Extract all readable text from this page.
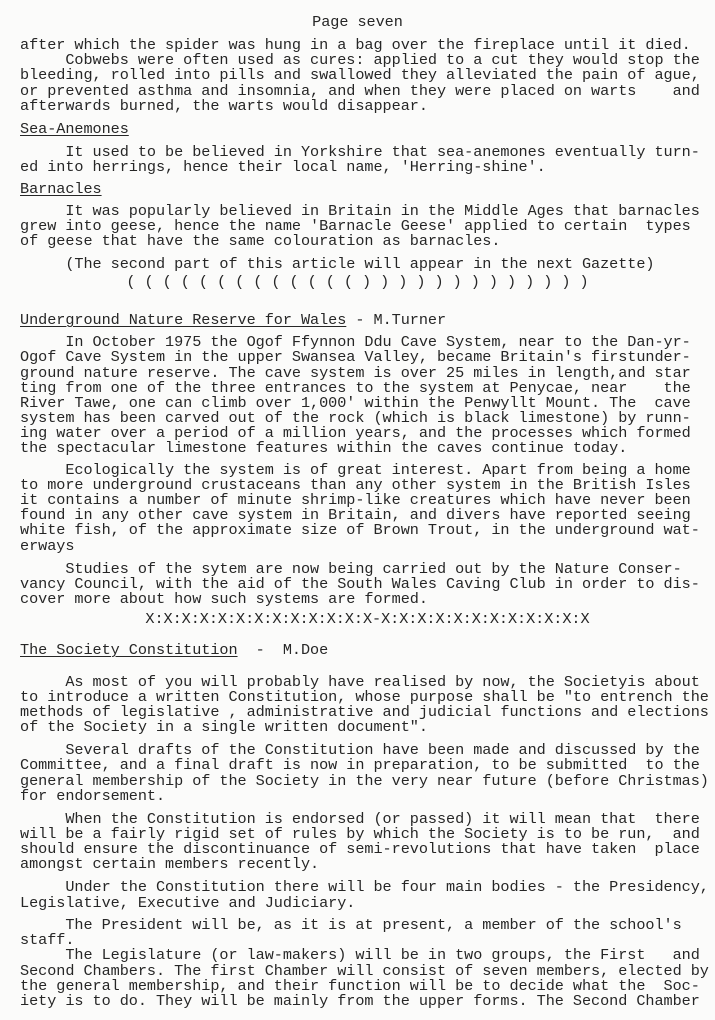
Page seven
after which the spider was hung in a bag over the fireplace until it died.
Cobwebs were often used as cures: applied to a cut they would stop the
bleeding, rolled into pills and swallowed they alleviated the pain of ague,
or prevented asthma and insomnia, and when they were placed on warts    and
afterwards burned, the warts would disappear.
Sea-Anemones
It used to be believed in Yorkshire that sea-anemones eventually turn-
ed into herrings, hence their local name, 'Herring-shine'.
Barnacles
It was popularly believed in Britain in the Middle Ages that barnacles
grew into geese, hence the name 'Barnacle Geese' applied to certain  types
of geese that have the same colouration as barnacles.
(The second part of this article will appear in the next Gazette)
( ( ( ( ( ( ( ( ( ( ( ( ( ) ) ) ) ) ) ) ) ) ) ) ) )
Underground Nature Reserve for Wales - M.Turner
In October 1975 the Ogof Ffynnon Ddu Cave System, near to the Dan-yr-
Ogof Cave System in the upper Swansea Valley, became Britain's firstunder-
ground nature reserve. The cave system is over 25 miles in length,and star
ting from one of the three entrances to the system at Penycae, near    the
River Tawe, one can climb over 1,000' within the Penwyllt Mount. The  cave
system has been carved out of the rock (which is black limestone) by runn-
ing water over a period of a million years, and the processes which formed
the spectacular limestone features within the caves continue today.
Ecologically the system is of great interest. Apart from being a home
to more underground crustaceans than any other system in the British Isles
it contains a number of minute shrimp-like creatures which have never been
found in any other cave system in Britain, and divers have reported seeing
white fish, of the approximate size of Brown Trout, in the underground wat-
erways
Studies of the sytem are now being carried out by the Nature Conser-
vancy Council, with the aid of the South Wales Caving Club in order to dis-
cover more about how such systems are formed.
X:X:X:X:X:X:X:X:X:X:X:X:X-X:X:X:X:X:X:X:X:X:X:X:X
The Society Constitution  -  M.Doe
As most of you will probably have realised by now, the Societyis about
to introduce a written Constitution, whose purpose shall be "to entrench the
methods of legislative , administrative and judicial functions and elections
of the Society in a single written document".
Several drafts of the Constitution have been made and discussed by the
Committee, and a final draft is now in preparation, to be submitted  to the
general membership of the Society in the very near future (before Christmas)
for endorsement.
When the Constitution is endorsed (or passed) it will mean that  there
will be a fairly rigid set of rules by which the Society is to be run,  and
should ensure the discontinuance of semi-revolutions that have taken  place
amongst certain members recently.
Under the Constitution there will be four main bodies - the Presidency,
Legislative, Executive and Judiciary.
The President will be, as it is at present, a member of the school's
staff.
The Legislature (or law-makers) will be in two groups, the First   and
Second Chambers. The first Chamber will consist of seven members, elected by
the general membership, and their function will be to decide what the  Soc-
iety is to do. They will be mainly from the upper forms. The Second Chamber
